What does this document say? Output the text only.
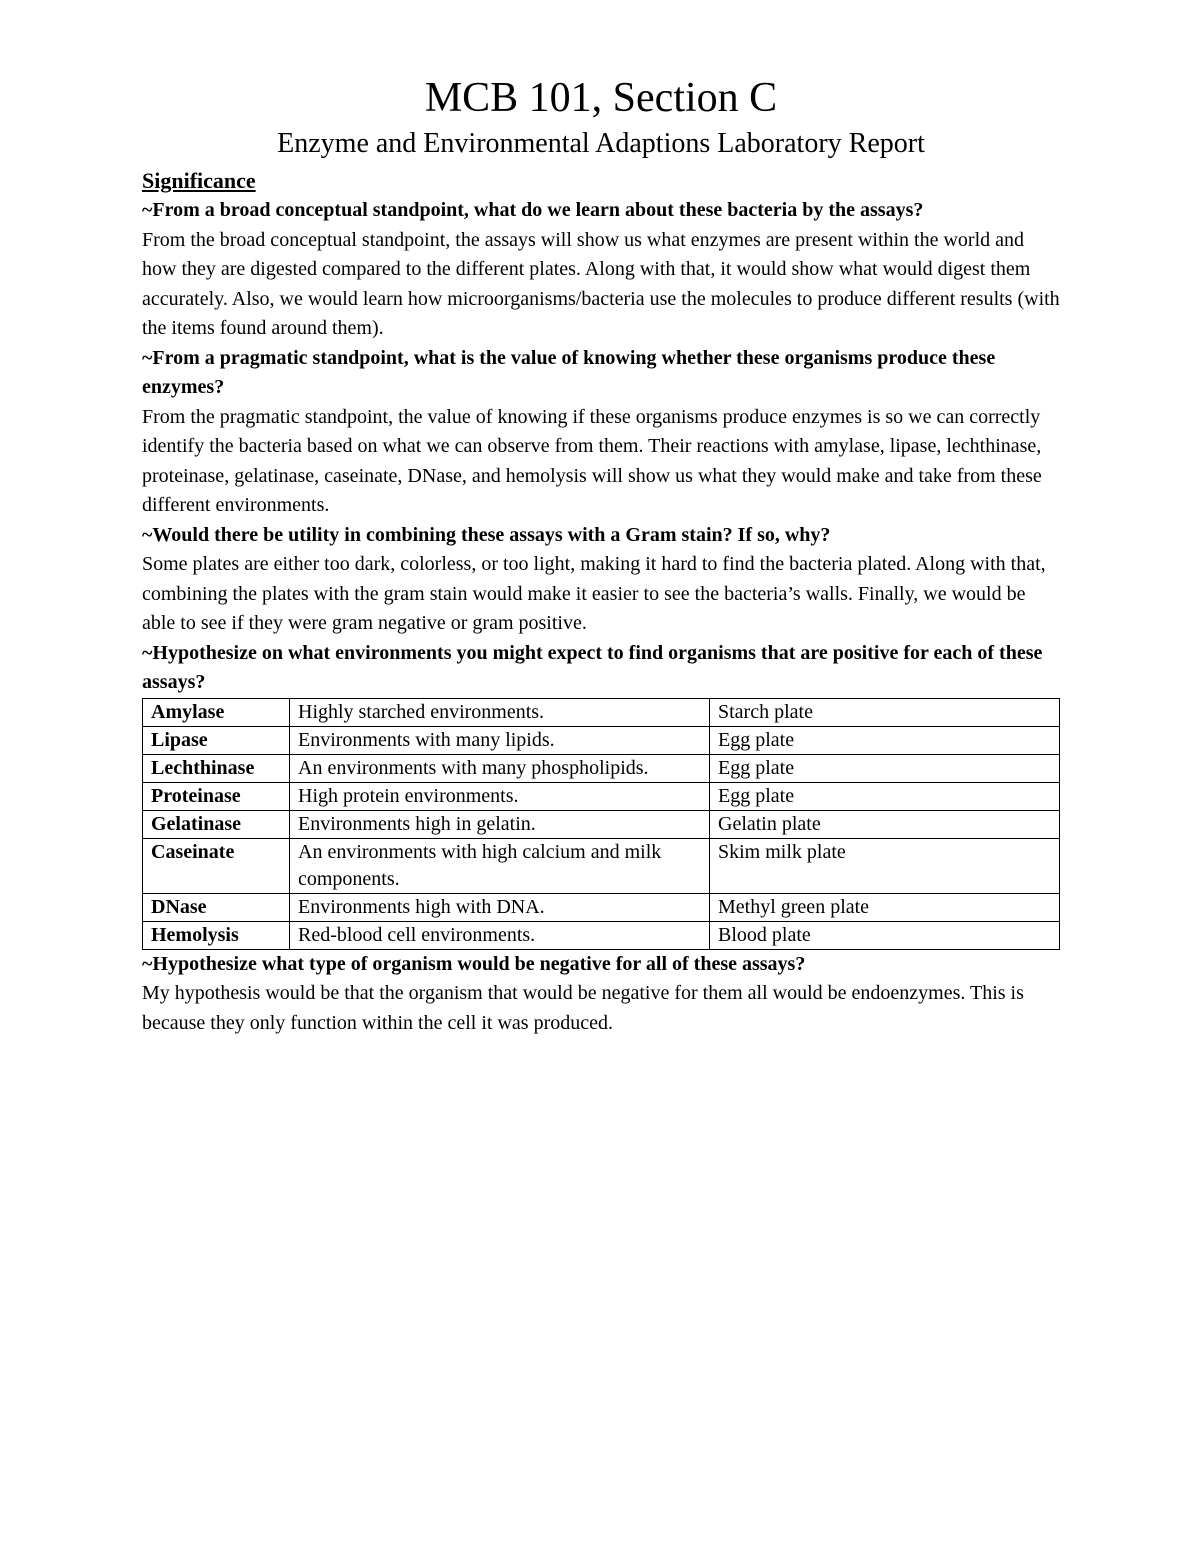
MCB 101, Section C
Enzyme and Environmental Adaptions Laboratory Report

Significance

~From a broad conceptual standpoint, what do we learn about these bacteria by the assays?

From the broad conceptual standpoint, the assays will show us what enzymes are present within the world and how they are digested compared to the different plates. Along with that, it would show what would digest them accurately. Also, we would learn how microorganisms/bacteria use the molecules to produce different results (with the items found around them).

~From a pragmatic standpoint, what is the value of knowing whether these organisms produce these enzymes?

From the pragmatic standpoint, the value of knowing if these organisms produce enzymes is so we can correctly identify the bacteria based on what we can observe from them. Their reactions with amylase, lipase, lechthinase, proteinase, gelatinase, caseinate, DNase, and hemolysis will show us what they would make and take from these different environments.

~Would there be utility in combining these assays with a Gram stain? If so, why?

Some plates are either too dark, colorless, or too light, making it hard to find the bacteria plated. Along with that, combining the plates with the gram stain would make it easier to see the bacteria’s walls. Finally, we would be able to see if they were gram negative or gram positive.

~Hypothesize on what environments you might expect to find organisms that are positive for each of these assays?

Amylase	Highly starched environments.	Starch plate
Lipase	Environments with many lipids.	Egg plate
Lechthinase	An environments with many phospholipids.	Egg plate
Proteinase	High protein environments.	Egg plate
Gelatinase	Environments high in gelatin.	Gelatin plate
Caseinate	An environments with high calcium and milk components.	Skim milk plate
DNase	Environments high with DNA.	Methyl green plate
Hemolysis	Red-blood cell environments.	Blood plate

~Hypothesize what type of organism would be negative for all of these assays?

My hypothesis would be that the organism that would be negative for them all would be endoenzymes. This is because they only function within the cell it was produced.
